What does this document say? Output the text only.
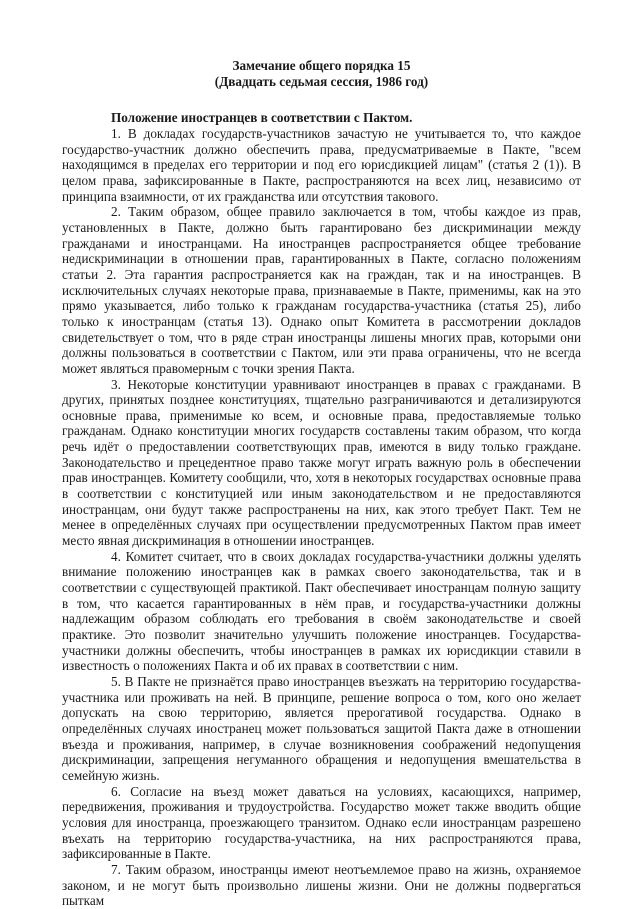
Замечание общего порядка 15

(Двадцать седьмая сессия, 1986 год)

Положение иностранцев в соответствии с Пактом.

1. В докладах государств-участников зачастую не учитывается то, что каждое государство-участник должно обеспечить права, предусматриваемые в Пакте, "всем находящимся в пределах его территории и под его юрисдикцией лицам" (статья 2 (1)). В целом права, зафиксированные в Пакте, распространяются на всех лиц, независимо от принципа взаимности, от их гражданства или отсутствия такового.

2. Таким образом, общее правило заключается в том, чтобы каждое из прав, установленных в Пакте, должно быть гарантировано без дискриминации между гражданами и иностранцами. На иностранцев распространяется общее требование недискриминации в отношении прав, гарантированных в Пакте, согласно положениям статьи 2. Эта гарантия распространяется как на граждан, так и на иностранцев. В исключительных случаях некоторые права, признаваемые в Пакте, применимы, как на это прямо указывается, либо только к гражданам государства-участника (статья 25), либо только к иностранцам (статья 13). Однако опыт Комитета в рассмотрении докладов свидетельствует о том, что в ряде стран иностранцы лишены многих прав, которыми они должны пользоваться в соответствии с Пактом, или эти права ограничены, что не всегда может являться правомерным с точки зрения Пакта.

3. Некоторые конституции уравнивают иностранцев в правах с гражданами. В других, принятых позднее конституциях, тщательно разграничиваются и детализируются основные права, применимые ко всем, и основные права, предоставляемые только гражданам. Однако конституции многих государств составлены таким образом, что когда речь идёт о предоставлении соответствующих прав, имеются в виду только граждане. Законодательство и прецедентное право также могут играть важную роль в обеспечении прав иностранцев. Комитету сообщили, что, хотя в некоторых государствах основные права в соответствии с конституцией или иным законодательством и не предоставляются иностранцам, они будут также распространены на них, как этого требует Пакт. Тем не менее в определённых случаях при осуществлении предусмотренных Пактом прав имеет место явная дискриминация в отношении иностранцев.

4. Комитет считает, что в своих докладах государства-участники должны уделять внимание положению иностранцев как в рамках своего законодательства, так и в соответствии с существующей практикой. Пакт обеспечивает иностранцам полную защиту в том, что касается гарантированных в нём прав, и государства-участники должны надлежащим образом соблюдать его требования в своём законодательстве и своей практике. Это позволит значительно улучшить положение иностранцев. Государства-участники должны обеспечить, чтобы иностранцев в рамках их юрисдикции ставили в известность о положениях Пакта и об их правах в соответствии с ним.

5. В Пакте не признаётся право иностранцев въезжать на территорию государства-участника или проживать на ней. В принципе, решение вопроса о том, кого оно желает допускать на свою территорию, является прерогативой государства. Однако в определённых случаях иностранец может пользоваться защитой Пакта даже в отношении въезда и проживания, например, в случае возникновения соображений недопущения дискриминации, запрещения негуманного обращения и недопущения вмешательства в семейную жизнь.

6. Согласие на въезд может даваться на условиях, касающихся, например, передвижения, проживания и трудоустройства. Государство может также вводить общие условия для иностранца, проезжающего транзитом. Однако если иностранцам разрешено въехать на территорию государства-участника, на них распространяются права, зафиксированные в Пакте.

7. Таким образом, иностранцы имеют неотъемлемое право на жизнь, охраняемое законом, и не могут быть произвольно лишены жизни. Они не должны подвергаться пыткам
